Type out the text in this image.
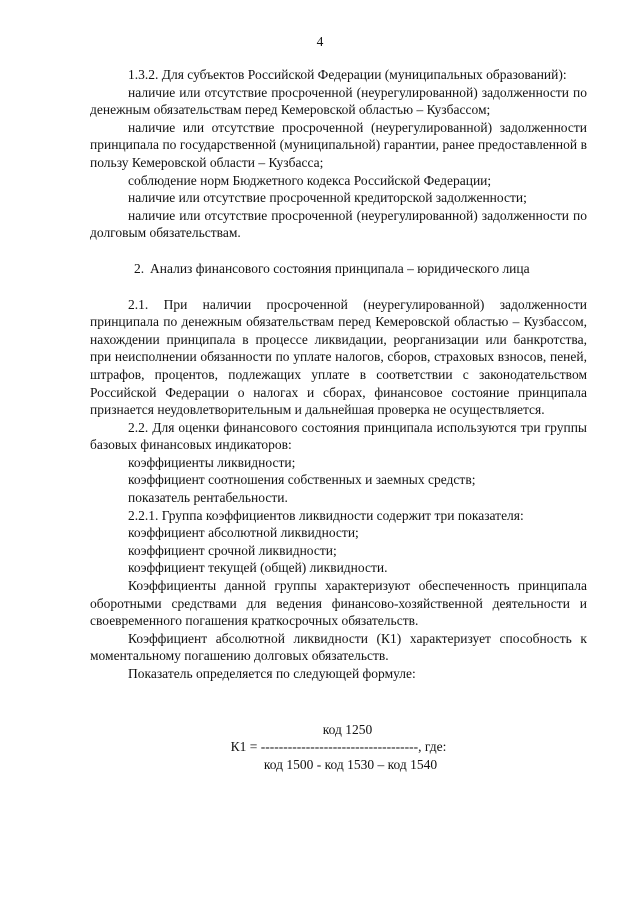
4

1.3.2. Для субъектов Российской Федерации (муниципальных образований):

наличие или отсутствие просроченной (неурегулированной) задолженности по денежным обязательствам перед Кемеровской областью – Кузбассом;

наличие или отсутствие просроченной (неурегулированной) задолженности принципала по государственной (муниципальной) гарантии, ранее предоставленной в пользу Кемеровской области – Кузбасса;

соблюдение норм Бюджетного кодекса Российской Федерации;

наличие или отсутствие просроченной кредиторской задолженности;

наличие или отсутствие просроченной (неурегулированной) задолженности по долговым обязательствам.

2. Анализ финансового состояния принципала – юридического лица

2.1. При наличии просроченной (неурегулированной) задолженности принципала по денежным обязательствам перед Кемеровской областью – Кузбассом, нахождении принципала в процессе ликвидации, реорганизации или банкротства, при неисполнении обязанности по уплате налогов, сборов, страховых взносов, пеней, штрафов, процентов, подлежащих уплате в соответствии с законодательством Российской Федерации о налогах и сборах, финансовое состояние принципала признается неудовлетворительным и дальнейшая проверка не осуществляется.

2.2. Для оценки финансового состояния принципала используются три группы базовых финансовых индикаторов:

коэффициенты ликвидности;

коэффициент соотношения собственных и заемных средств;

показатель рентабельности.

2.2.1. Группа коэффициентов ликвидности содержит три показателя:

коэффициент абсолютной ликвидности;

коэффициент срочной ликвидности;

коэффициент текущей (общей) ликвидности.

Коэффициенты данной группы характеризуют обеспеченность принципала оборотными средствами для ведения финансово-хозяйственной деятельности и своевременного погашения краткосрочных обязательств.

Коэффициент абсолютной ликвидности (К1) характеризует способность к моментальному погашению долговых обязательств.

Показатель определяется по следующей формуле:

код 1250
К1 = -----------------------------------, где:
код 1500 - код 1530 – код 1540
